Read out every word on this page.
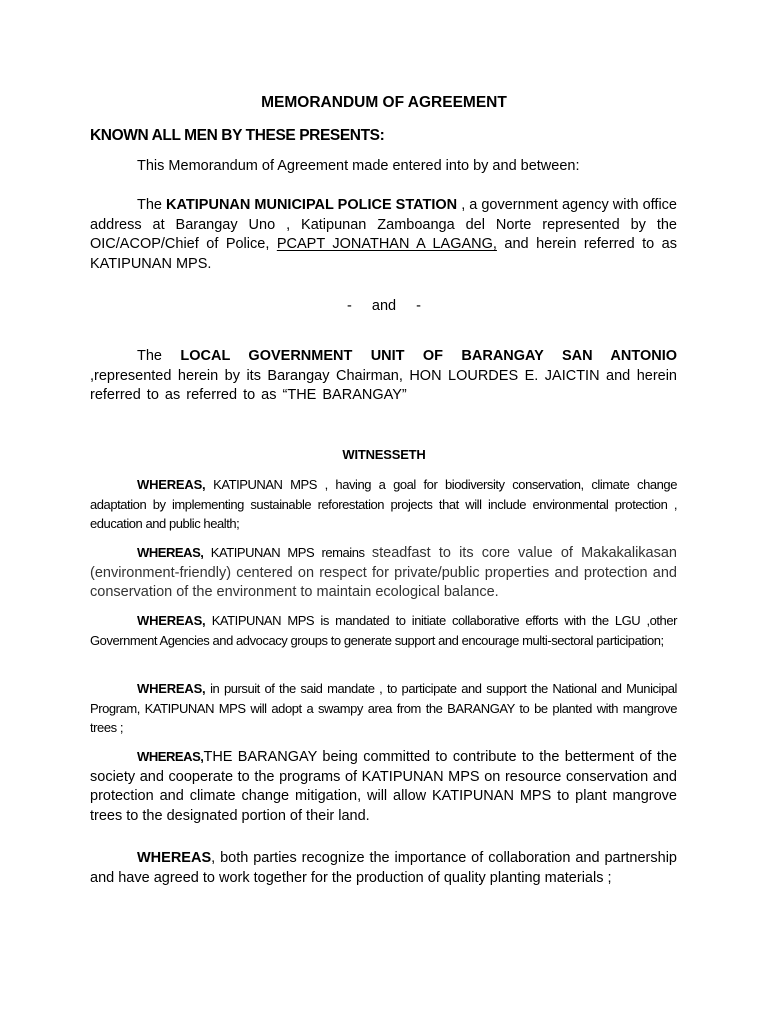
MEMORANDUM OF AGREEMENT
KNOWN ALL MEN BY THESE PRESENTS:

This Memorandum of Agreement made entered into by and between:

The KATIPUNAN MUNICIPAL POLICE STATION , a government agency with office address at Barangay Uno , Katipunan Zamboanga del Norte represented by the OIC/ACOP/Chief of Police, PCAPT JONATHAN A LAGANG, and herein referred to as KATIPUNAN MPS.

- and -

The LOCAL GOVERNMENT UNIT OF BARANGAY SAN ANTONIO ,represented herein by its Barangay Chairman, HON LOURDES E. JAICTIN and herein referred to as referred to as “THE BARANGAY”

WITNESSETH

WHEREAS, KATIPUNAN MPS , having a goal for biodiversity conservation, climate change adaptation by implementing sustainable reforestation projects that will include environmental protection , education and public health;

WHEREAS, KATIPUNAN MPS remains steadfast to its core value of Makakalikasan (environment-friendly) centered on respect for private/public properties and protection and conservation of the environment to maintain ecological balance.

WHEREAS, KATIPUNAN MPS is mandated to initiate collaborative efforts with the LGU ,other Government Agencies and advocacy groups to generate support and encourage multi-sectoral participation;

WHEREAS, in pursuit of the said mandate , to participate and support the National and Municipal Program, KATIPUNAN MPS will adopt a swampy area from the BARANGAY to be planted with mangrove trees ;

WHEREAS,THE BARANGAY being committed to contribute to the betterment of the society and cooperate to the programs of KATIPUNAN MPS on resource conservation and protection and climate change mitigation, will allow KATIPUNAN MPS to plant mangrove trees to the designated portion of their land.

WHEREAS, both parties recognize the importance of collaboration and partnership and have agreed to work together for the production of quality planting materials ;
